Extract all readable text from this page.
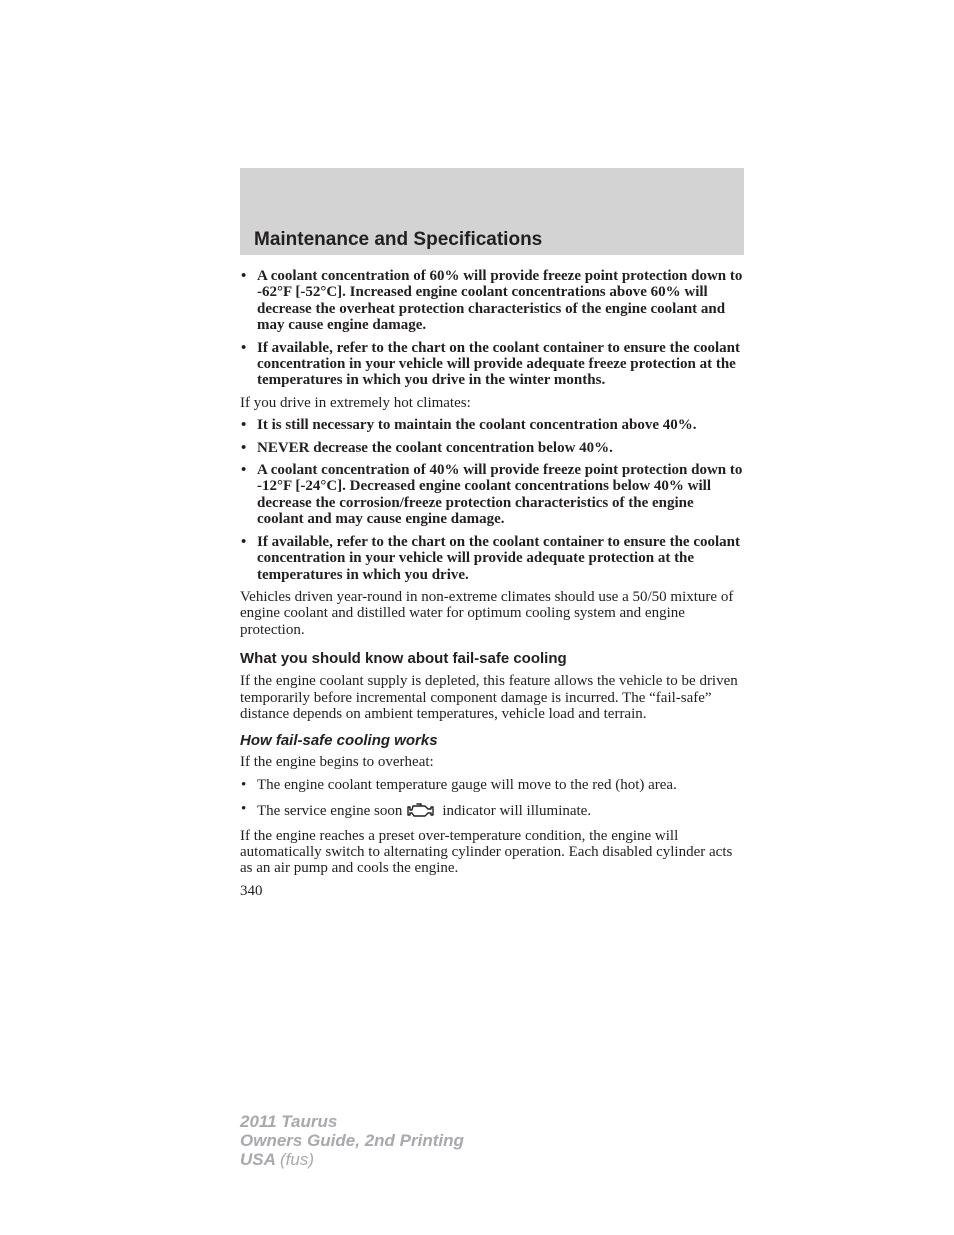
Maintenance and Specifications
• A coolant concentration of 60% will provide freeze point protection down to -62°F [-52°C]. Increased engine coolant concentrations above 60% will decrease the overheat protection characteristics of the engine coolant and may cause engine damage.
• If available, refer to the chart on the coolant container to ensure the coolant concentration in your vehicle will provide adequate freeze protection at the temperatures in which you drive in the winter months.

If you drive in extremely hot climates:

• It is still necessary to maintain the coolant concentration above 40%.
• NEVER decrease the coolant concentration below 40%.
• A coolant concentration of 40% will provide freeze point protection down to -12°F [-24°C]. Decreased engine coolant concentrations below 40% will decrease the corrosion/freeze protection characteristics of the engine coolant and may cause engine damage.
• If available, refer to the chart on the coolant container to ensure the coolant concentration in your vehicle will provide adequate protection at the temperatures in which you drive.

Vehicles driven year-round in non-extreme climates should use a 50/50 mixture of engine coolant and distilled water for optimum cooling system and engine protection.

What you should know about fail-safe cooling

If the engine coolant supply is depleted, this feature allows the vehicle to be driven temporarily before incremental component damage is incurred. The “fail-safe” distance depends on ambient temperatures, vehicle load and terrain.

How fail-safe cooling works

If the engine begins to overheat:

• The engine coolant temperature gauge will move to the red (hot) area.
• The service engine soon	indicator will illuminate.

If the engine reaches a preset over-temperature condition, the engine will automatically switch to alternating cylinder operation. Each disabled cylinder acts as an air pump and cools the engine.

340
2011 Taurus
Owners Guide, 2nd Printing
USA (fus)
